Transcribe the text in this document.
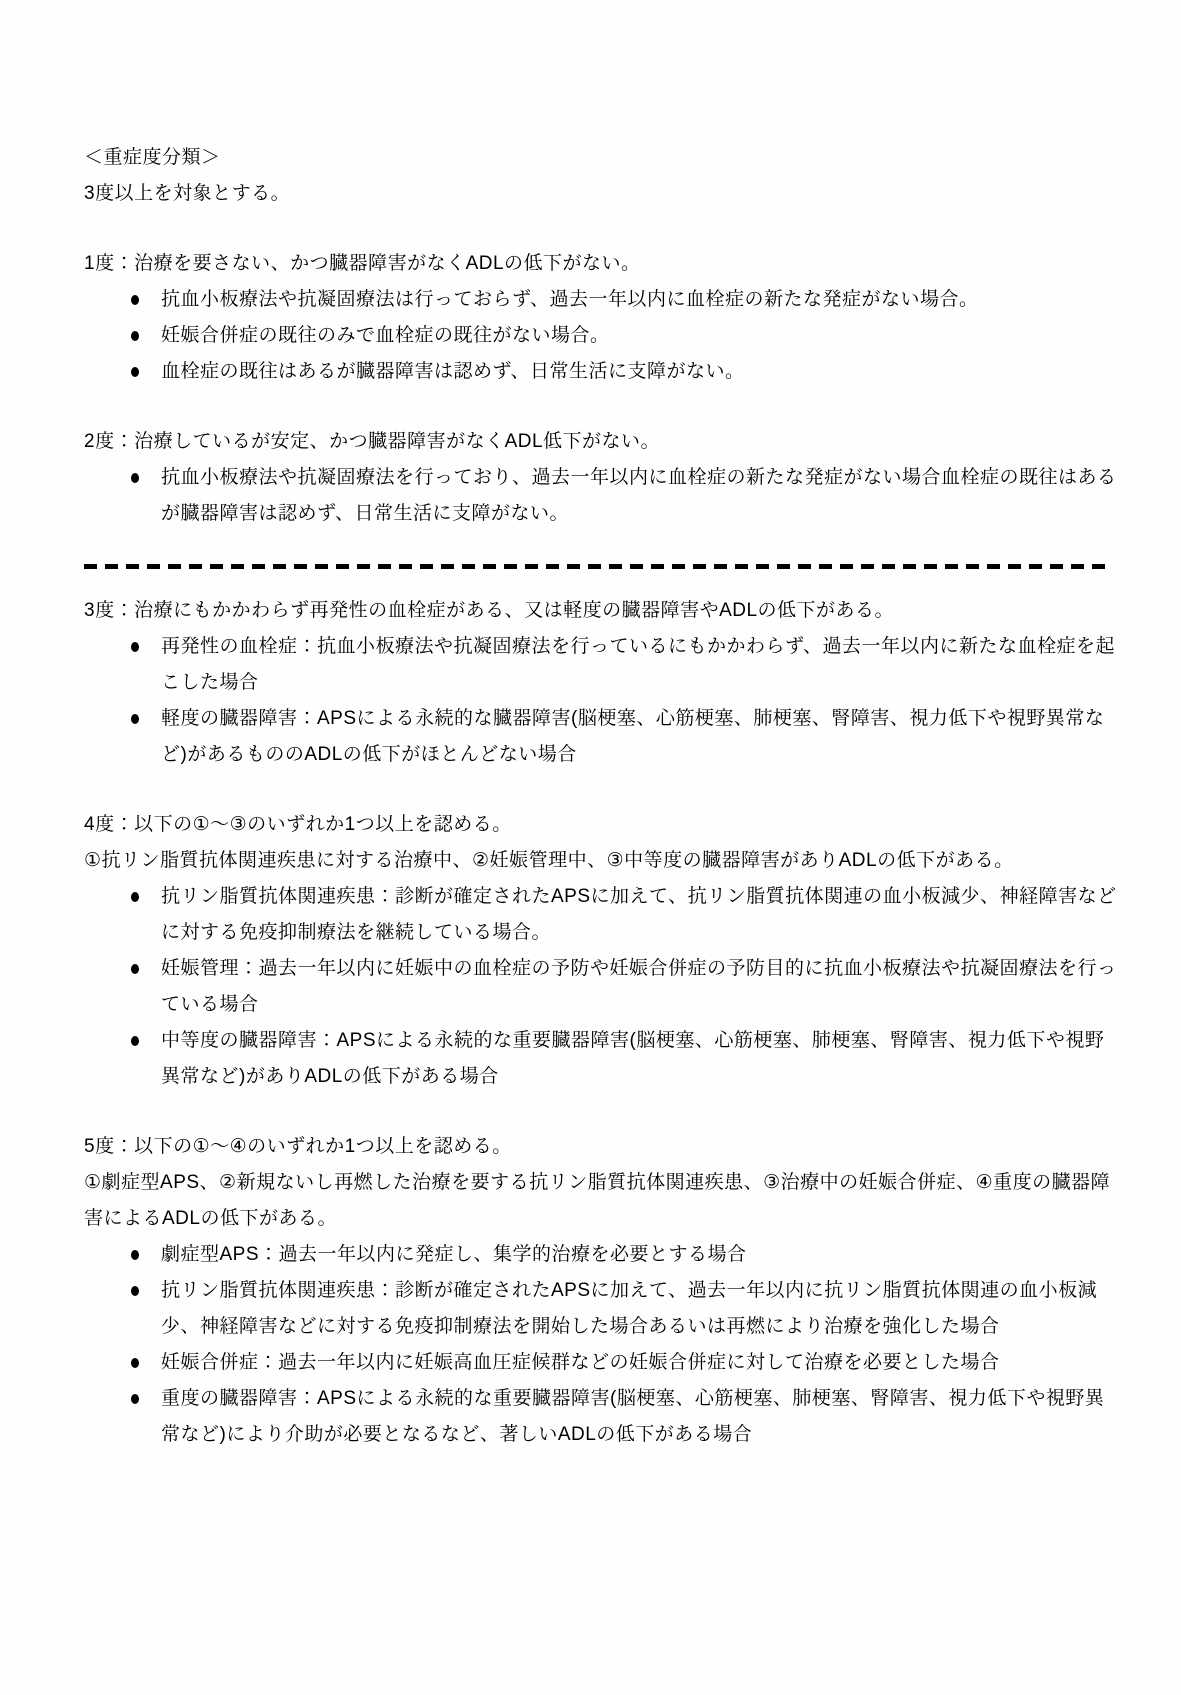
＜重症度分類＞

3度以上を対象とする。

1度：治療を要さない、かつ臓器障害がなくADLの低下がない。

抗血小板療法や抗凝固療法は行っておらず、過去一年以内に血栓症の新たな発症がない場合。
妊娠合併症の既往のみで血栓症の既往がない場合。
血栓症の既往はあるが臓器障害は認めず、日常生活に支障がない。

2度：治療しているが安定、かつ臓器障害がなくADL低下がない。

抗血小板療法や抗凝固療法を行っており、過去一年以内に血栓症の新たな発症がない場合血栓症の既往はあるが臓器障害は認めず、日常生活に支障がない。

3度：治療にもかかわらず再発性の血栓症がある、又は軽度の臓器障害やADLの低下がある。

再発性の血栓症：抗血小板療法や抗凝固療法を行っているにもかかわらず、過去一年以内に新たな血栓症を起こした場合
軽度の臓器障害：APSによる永続的な臓器障害(脳梗塞、心筋梗塞、肺梗塞、腎障害、視力低下や視野異常など)があるもののADLの低下がほとんどない場合

4度：以下の①～③のいずれか1つ以上を認める。

①抗リン脂質抗体関連疾患に対する治療中、②妊娠管理中、③中等度の臓器障害がありADLの低下がある。

抗リン脂質抗体関連疾患：診断が確定されたAPSに加えて、抗リン脂質抗体関連の血小板減少、神経障害などに対する免疫抑制療法を継続している場合。
妊娠管理：過去一年以内に妊娠中の血栓症の予防や妊娠合併症の予防目的に抗血小板療法や抗凝固療法を行っている場合
中等度の臓器障害：APSによる永続的な重要臓器障害(脳梗塞、心筋梗塞、肺梗塞、腎障害、視力低下や視野異常など)がありADLの低下がある場合

5度：以下の①～④のいずれか1つ以上を認める。

①劇症型APS、②新規ないし再燃した治療を要する抗リン脂質抗体関連疾患、③治療中の妊娠合併症、④重度の臓器障害によるADLの低下がある。

劇症型APS：過去一年以内に発症し、集学的治療を必要とする場合
抗リン脂質抗体関連疾患：診断が確定されたAPSに加えて、過去一年以内に抗リン脂質抗体関連の血小板減少、神経障害などに対する免疫抑制療法を開始した場合あるいは再燃により治療を強化した場合
妊娠合併症：過去一年以内に妊娠高血圧症候群などの妊娠合併症に対して治療を必要とした場合
重度の臓器障害：APSによる永続的な重要臓器障害(脳梗塞、心筋梗塞、肺梗塞、腎障害、視力低下や視野異常など)により介助が必要となるなど、著しいADLの低下がある場合
